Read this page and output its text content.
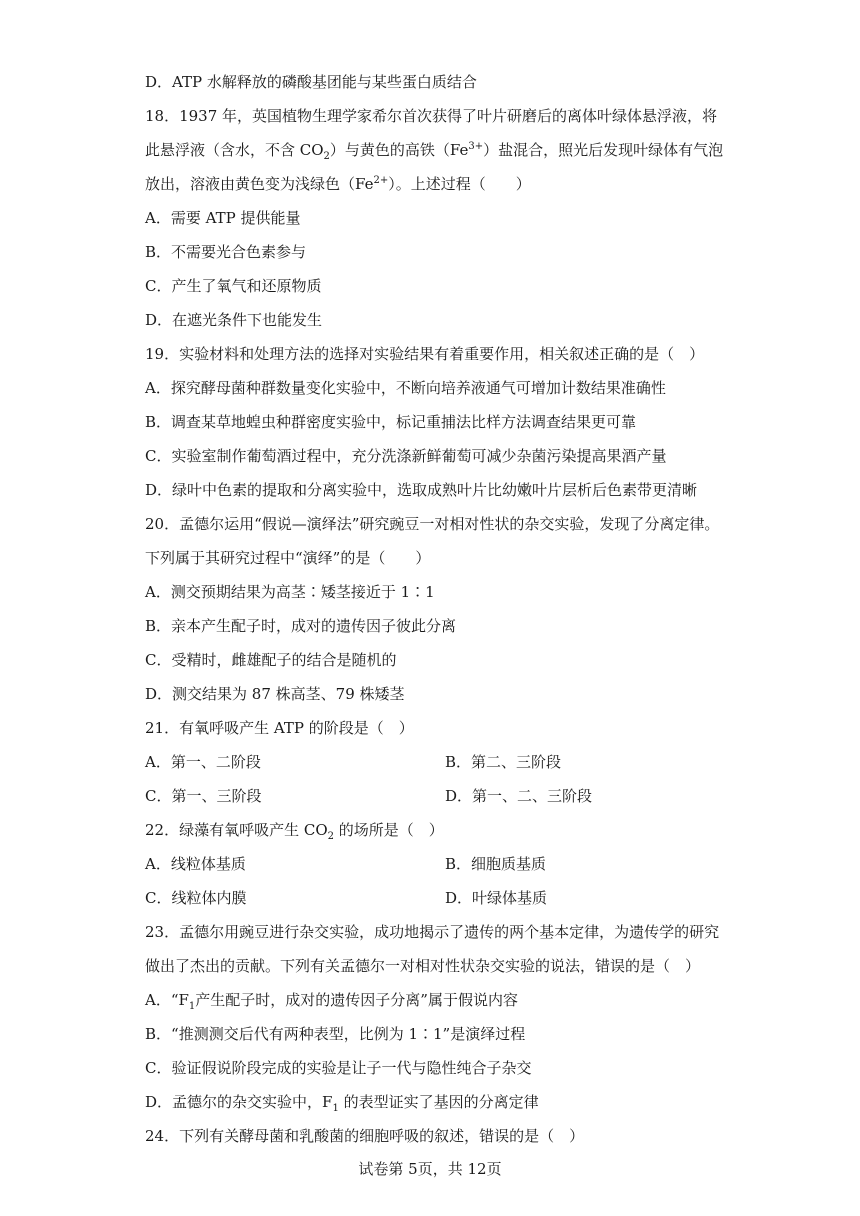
D．ATP 水解释放的磷酸基团能与某些蛋白质结合
18．1937 年，英国植物生理学家希尔首次获得了叶片研磨后的离体叶绿体悬浮液，将
此悬浮液（含水，不含 $CO_2$）与黄色的高铁$(Fe^{3+})$盐混合，照光后发现叶绿体有气泡
放出，溶液由黄色变为浅绿色$(Fe^{2+})$。上述过程（　　）
A．需要 ATP 提供能量
B．不需要光合色素参与
C．产生了氧气和还原物质
D．在遮光条件下也能发生
19．实验材料和处理方法的选择对实验结果有着重要作用，相关叙述正确的是（　）
A．探究酵母菌种群数量变化实验中，不断向培养液通气可增加计数结果准确性
B．调查某草地蝗虫种群密度实验中，标记重捕法比样方法调查结果更可靠
C．实验室制作葡萄酒过程中，充分洗涤新鲜葡萄可减少杂菌污染提高果酒产量
D．绿叶中色素的提取和分离实验中，选取成熟叶片比幼嫩叶片层析后色素带更清晰
20．孟德尔运用“假说—演绎法”研究豌豆一对相对性状的杂交实验，发现了分离定律。
下列属于其研究过程中“演绎”的是（　　）
A．测交预期结果为高茎∶矮茎接近于 1∶1
B．亲本产生配子时，成对的遗传因子彼此分离
C．受精时，雌雄配子的结合是随机的
D．测交结果为 87 株高茎、79 株矮茎
21．有氧呼吸产生 ATP 的阶段是（　）
A．第一、二阶段	B．第二、三阶段
C．第一、三阶段	D．第一、二、三阶段
22．绿藻有氧呼吸产生 $CO_2$ 的场所是（　）
A．线粒体基质	B．细胞质基质
C．线粒体内膜	D．叶绿体基质
23．孟德尔用豌豆进行杂交实验，成功地揭示了遗传的两个基本定律，为遗传学的研究
做出了杰出的贡献。下列有关孟德尔一对相对性状杂交实验的说法，错误的是（　）
A．“$F_1$产生配子时，成对的遗传因子分离”属于假说内容
B．“推测测交后代有两种表型，比例为 1∶1”是演绎过程
C．验证假说阶段完成的实验是让子一代与隐性纯合子杂交
D．孟德尔的杂交实验中，$F_1$ 的表型证实了基因的分离定律
24．下列有关酵母菌和乳酸菌的细胞呼吸的叙述，错误的是（　）
试卷第 5页，共 12页
